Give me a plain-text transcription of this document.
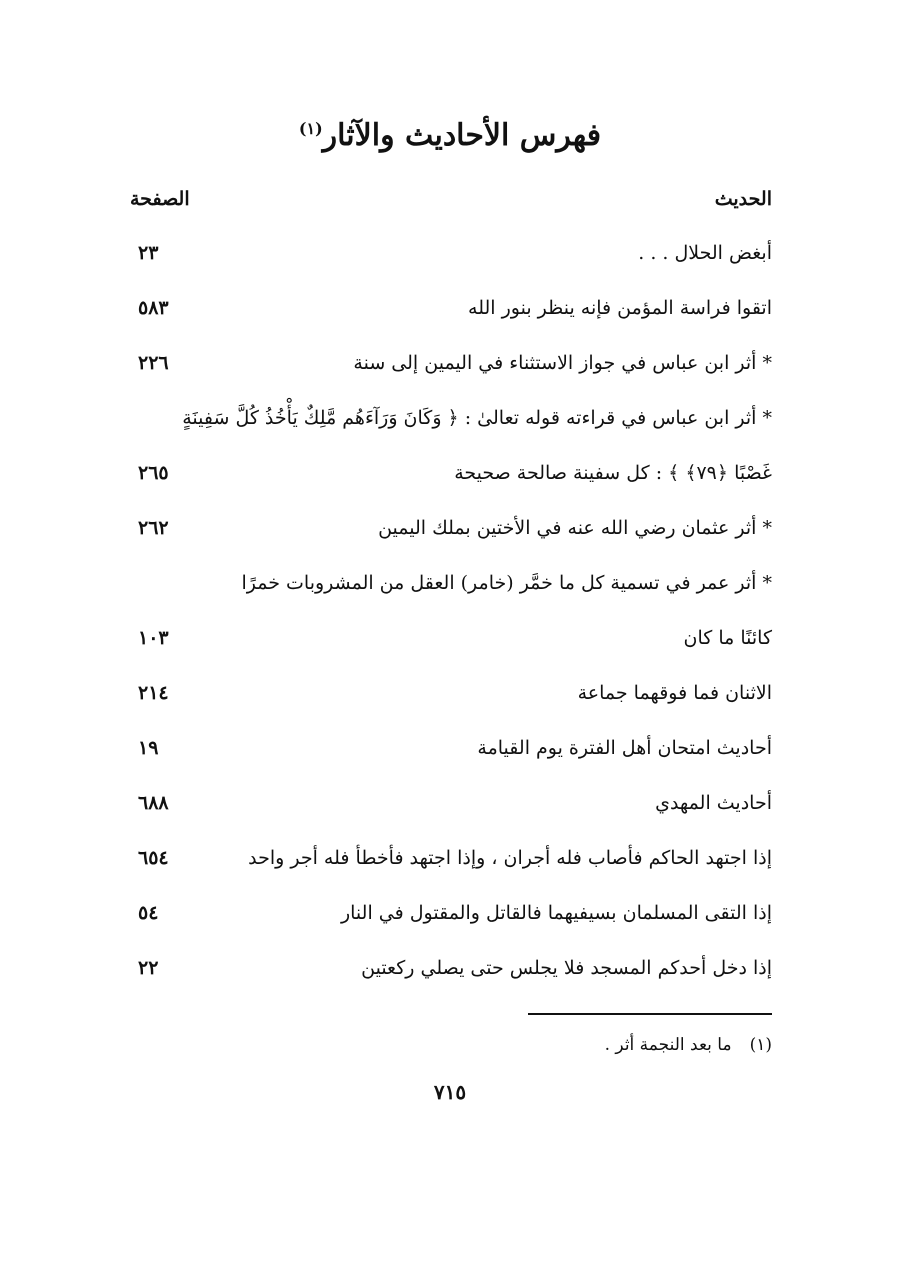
فهرس الأحاديث والآثار$^{(١)}$
الحديث
الصفحة
أبغض الحلال . . .
٢٣
اتقوا فراسة المؤمن فإنه ينظر بنور الله
٥٨٣
* أثر ابن عباس في جواز الاستثناء في اليمين إلى سنة
٢٢٦
* أثر ابن عباس في قراءته قوله تعالىٰ : ﴿ وَكَانَ وَرَآءَهُم مَّلِكٌ يَأْخُذُ كُلَّ سَفِينَةٍ
غَصْبًا ﴿٧٩﴾ ﴾ : كل سفينة صالحة صحيحة
٢٦٥
* أثر عثمان رضي الله عنه في الأختين بملك اليمين
٢٦٢
* أثر عمر في تسمية كل ما خمَّر (خامر) العقل من المشروبات خمرًا
كائنًا ما كان
١٠٣
الاثنان فما فوقهما جماعة
٢١٤
أحاديث امتحان أهل الفترة يوم القيامة
١٩
أحاديث المهدي
٦٨٨
إذا اجتهد الحاكم فأصاب فله أجران ، وإذا اجتهد فأخطأ فله أجر واحد
٦٥٤
إذا التقى المسلمان بسيفيهما فالقاتل والمقتول في النار
٥٤
إذا دخل أحدكم المسجد فلا يجلس حتى يصلي ركعتين
٢٢
(١)ما بعد النجمة أثر .
٧١٥
